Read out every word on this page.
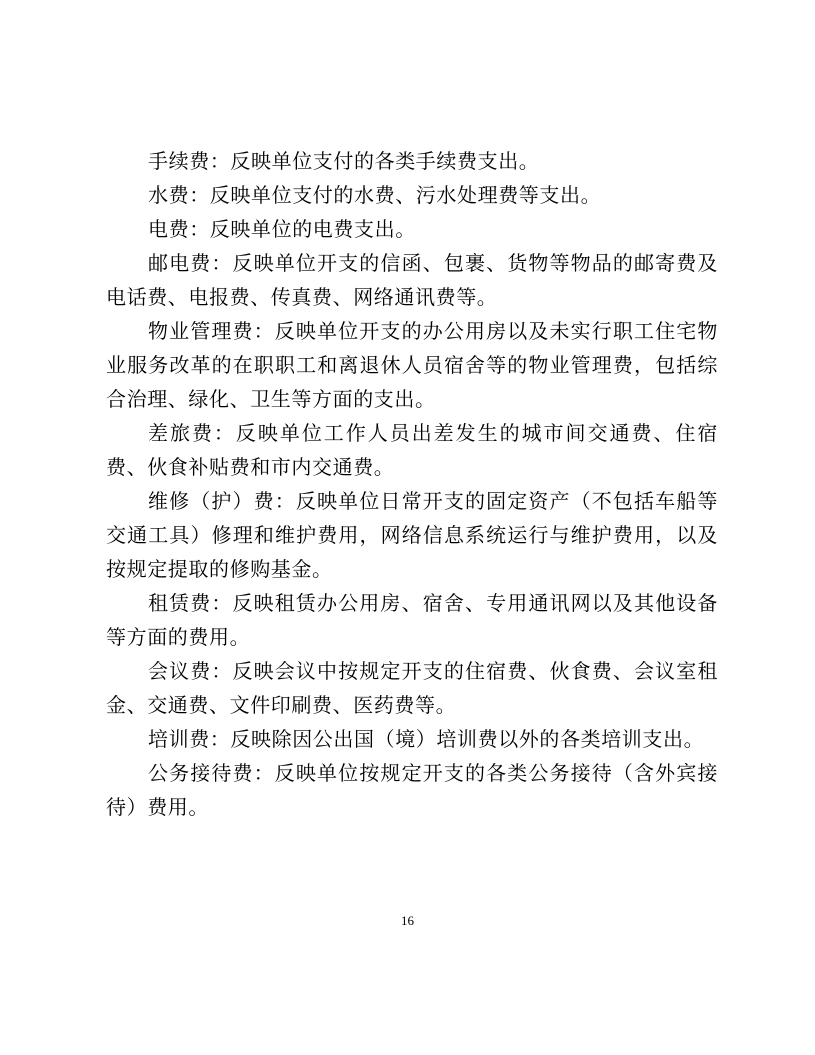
手续费：反映单位支付的各类手续费支出。

水费：反映单位支付的水费、污水处理费等支出。

电费：反映单位的电费支出。

邮电费：反映单位开支的信函、包裹、货物等物品的邮寄费及电话费、电报费、传真费、网络通讯费等。

物业管理费：反映单位开支的办公用房以及未实行职工住宅物业服务改革的在职职工和离退休人员宿舍等的物业管理费，包括综合治理、绿化、卫生等方面的支出。

差旅费：反映单位工作人员出差发生的城市间交通费、住宿费、伙食补贴费和市内交通费。

维修（护）费：反映单位日常开支的固定资产（不包括车船等交通工具）修理和维护费用，网络信息系统运行与维护费用，以及按规定提取的修购基金。

租赁费：反映租赁办公用房、宿舍、专用通讯网以及其他设备等方面的费用。

会议费：反映会议中按规定开支的住宿费、伙食费、会议室租金、交通费、文件印刷费、医药费等。

培训费：反映除因公出国（境）培训费以外的各类培训支出。

公务接待费：反映单位按规定开支的各类公务接待（含外宾接待）费用。

16
